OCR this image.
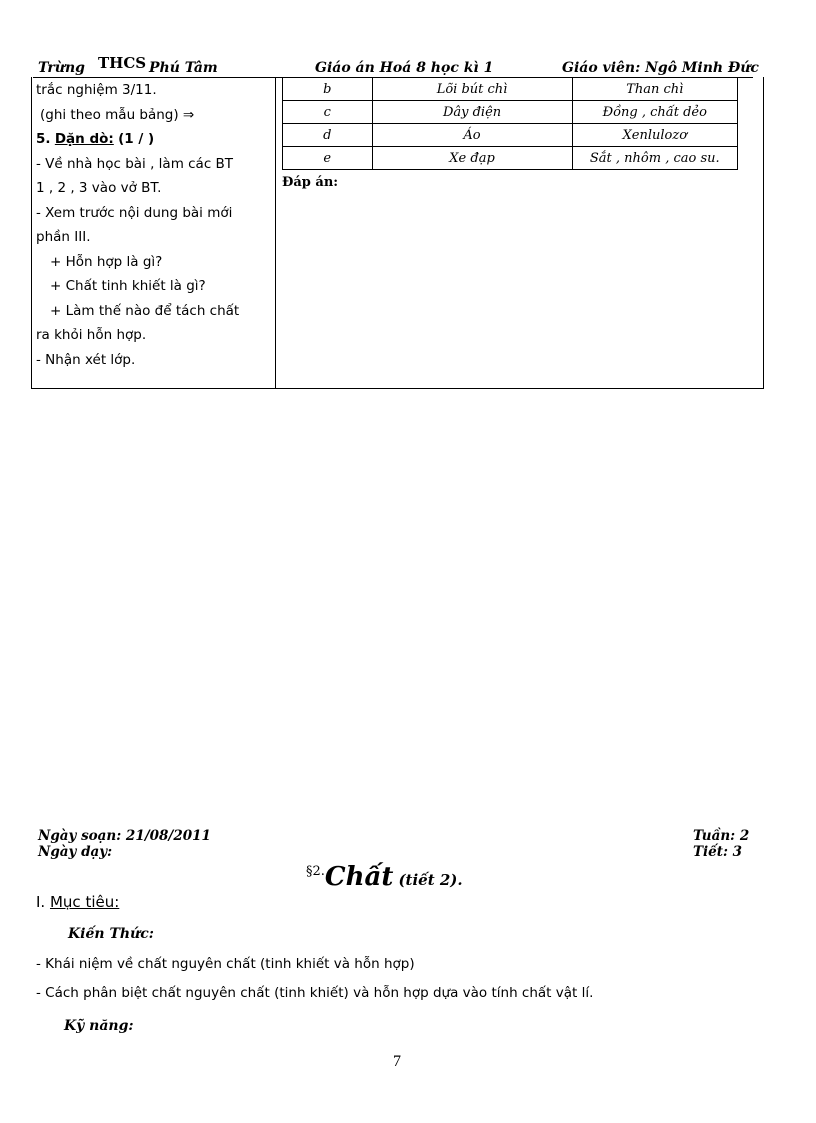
Trừng THCS Phú Tâm	Giáo án Hoá 8 học kì 1	Giáo viên: Ngô Minh Đức
trắc nghiệm 3/11.
(ghi theo mẫu bảng) ⇒
5. Dặn dò: (1 / )
- Về nhà học bài , làm các BT
1 , 2 , 3 vào vở BT.
- Xem trước nội dung bài mới
phần III.
+ Hỗn hợp là gì?
+ Chất tinh khiết là gì?
+ Làm thế nào để tách chất
ra khỏi hỗn hợp.
- Nhận xét lớp.
b	Lõi bút chì	Than chì
c	Dây điện	Đồng , chất dẻo
d	Áo	Xenlulozơ
e	Xe đạp	Sắt , nhôm , cao su.
Đáp án:
Ngày soạn: 21/08/2011
Ngày dạy:
Tuần: 2
Tiết: 3
$^{\S 2.}$Chất (tiết 2).
I. Mục tiêu:
Kiến Thức:
- Khái niệm về chất nguyên chất (tinh khiết và hỗn hợp)
- Cách phân biệt chất nguyên chất (tinh khiết) và hỗn hợp dựa vào tính chất vật lí.
Kỹ năng:
7
